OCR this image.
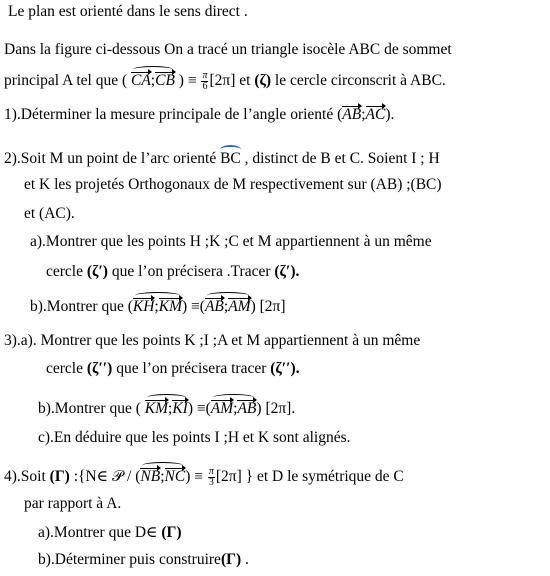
Le plan est orienté dans le sens direct .
Dans la figure ci-dessous On a tracé un triangle isocèle ABC de sommet
principal A tel que ( CA;CB ) ≡ $\frac{\pi}{6} [2\pi]$ et (ζ) le cercle circonscrit à ABC.
1).Déterminer la mesure principale de l’angle orienté (AB;AC).
2).Soit M un point de l’arc orienté BC , distinct de B et C. Soient I ; H
et K les projetés Orthogonaux de M respectivement sur (AB) ;(BC)
et (AC).
a).Montrer que les points H ;K ;C et M appartiennent à un même
cercle (ζ′) que l’on précisera .Tracer (ζ′).
b).Montrer que (KH;KM) ≡(AB;AM) [2π]
3).a). Montrer que les points K ;I ;A et M appartiennent à un même
cercle (ζ′′) que l’on précisera tracer (ζ′′).
b).Montrer que ( KM;KI) ≡(AM;AB) [2π].
c).En déduire que les points I ;H et K sont alignés.
4).Soit (Γ) :{N∈ 𝒫 / (NB;NC) ≡ $\frac{\pi}{3} [2\pi]$ } et D le symétrique de C
par rapport à A.
a).Montrer que D∈ (Γ)
b).Déterminer puis construire(Γ) .
